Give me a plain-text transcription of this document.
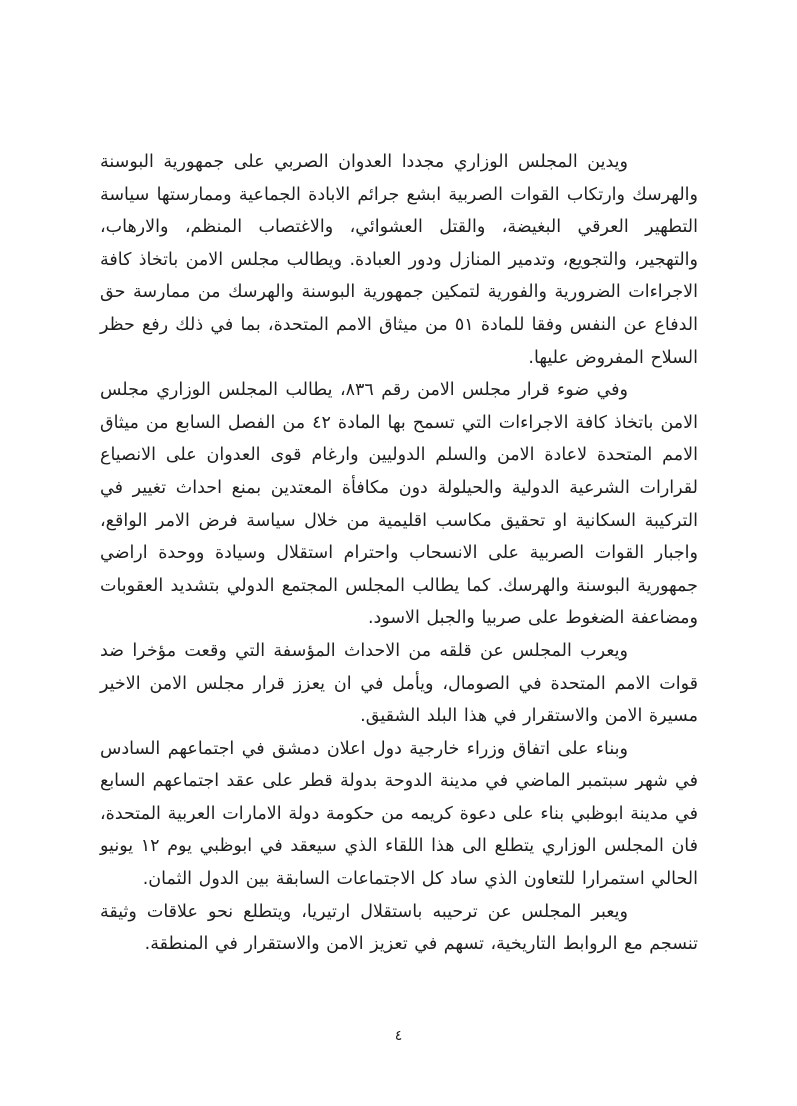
ويدين المجلس الوزاري مجددا العدوان الصربي على جمهورية البوسنة والهرسك وارتكاب القوات الصربية ابشع جرائم الابادة الجماعية وممارستها سياسة التطهير العرقي البغيضة، والقتل العشوائي، والاغتصاب المنظم، والارهاب، والتهجير، والتجويع، وتدمير المنازل ودور العبادة. ويطالب مجلس الامن باتخاذ كافة الاجراءات الضرورية والفورية لتمكين جمهورية البوسنة والهرسك من ممارسة حق الدفاع عن النفس وفقا للمادة ٥١ من ميثاق الامم المتحدة، بما في ذلك رفع حظر السلاح المفروض عليها.

وفي ضوء قرار مجلس الامن رقم ٨٣٦، يطالب المجلس الوزاري مجلس الامن باتخاذ كافة الاجراءات التي تسمح بها المادة ٤٢ من الفصل السابع من ميثاق الامم المتحدة لاعادة الامن والسلم الدوليين وارغام قوى العدوان على الانصياع لقرارات الشرعية الدولية والحيلولة دون مكافأة المعتدين بمنع احداث تغيير في التركيبة السكانية او تحقيق مكاسب اقليمية من خلال سياسة فرض الامر الواقع، واجبار القوات الصربية على الانسحاب واحترام استقلال وسيادة ووحدة اراضي جمهورية البوسنة والهرسك. كما يطالب المجلس المجتمع الدولي بتشديد العقوبات ومضاعفة الضغوط على صربيا والجبل الاسود.

ويعرب المجلس عن قلقه من الاحداث المؤسفة التي وقعت مؤخرا ضد قوات الامم المتحدة في الصومال، ويأمل في ان يعزز قرار مجلس الامن الاخير مسيرة الامن والاستقرار في هذا البلد الشقيق.

وبناء على اتفاق وزراء خارجية دول اعلان دمشق في اجتماعهم السادس في شهر سبتمبر الماضي في مدينة الدوحة بدولة قطر على عقد اجتماعهم السابع في مدينة ابوظبي بناء على دعوة كريمه من حكومة دولة الامارات العربية المتحدة، فان المجلس الوزاري يتطلع الى هذا اللقاء الذي سيعقد في ابوظبي يوم ١٢ يونيو الحالي استمرارا للتعاون الذي ساد كل الاجتماعات السابقة بين الدول الثمان.

ويعبر المجلس عن ترحيبه باستقلال ارتيريا، ويتطلع نحو علاقات وثيقة تنسجم مع الروابط التاريخية، تسهم في تعزيز الامن والاستقرار في المنطقة.

٤
